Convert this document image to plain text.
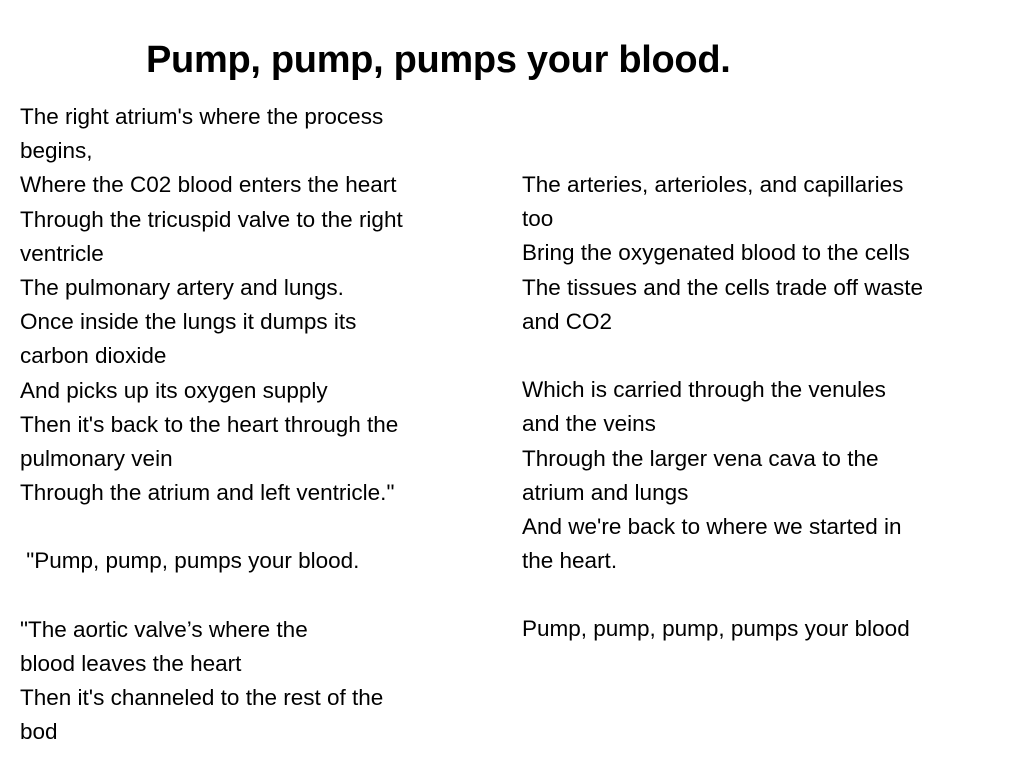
Pump, pump, pumps your blood.
The right atrium's where the process
begins,
Where the C02 blood enters the heart
Through the tricuspid valve to the right
ventricle
The pulmonary artery and lungs.
Once inside the lungs it dumps its
carbon dioxide
And picks up its oxygen supply
Then it's back to the heart through the
pulmonary vein
Through the atrium and left ventricle."
"Pump, pump, pumps your blood.
"The aortic valve’s where the
blood leaves the heart
Then it's channeled to the rest of the
bod
The arteries, arterioles, and capillaries
too
Bring the oxygenated blood to the cells
The tissues and the cells trade off waste
and CO2
Which is carried through the venules
and the veins
Through the larger vena cava to the
atrium and lungs
And we're back to where we started in
the heart.
Pump, pump, pump, pumps your blood
